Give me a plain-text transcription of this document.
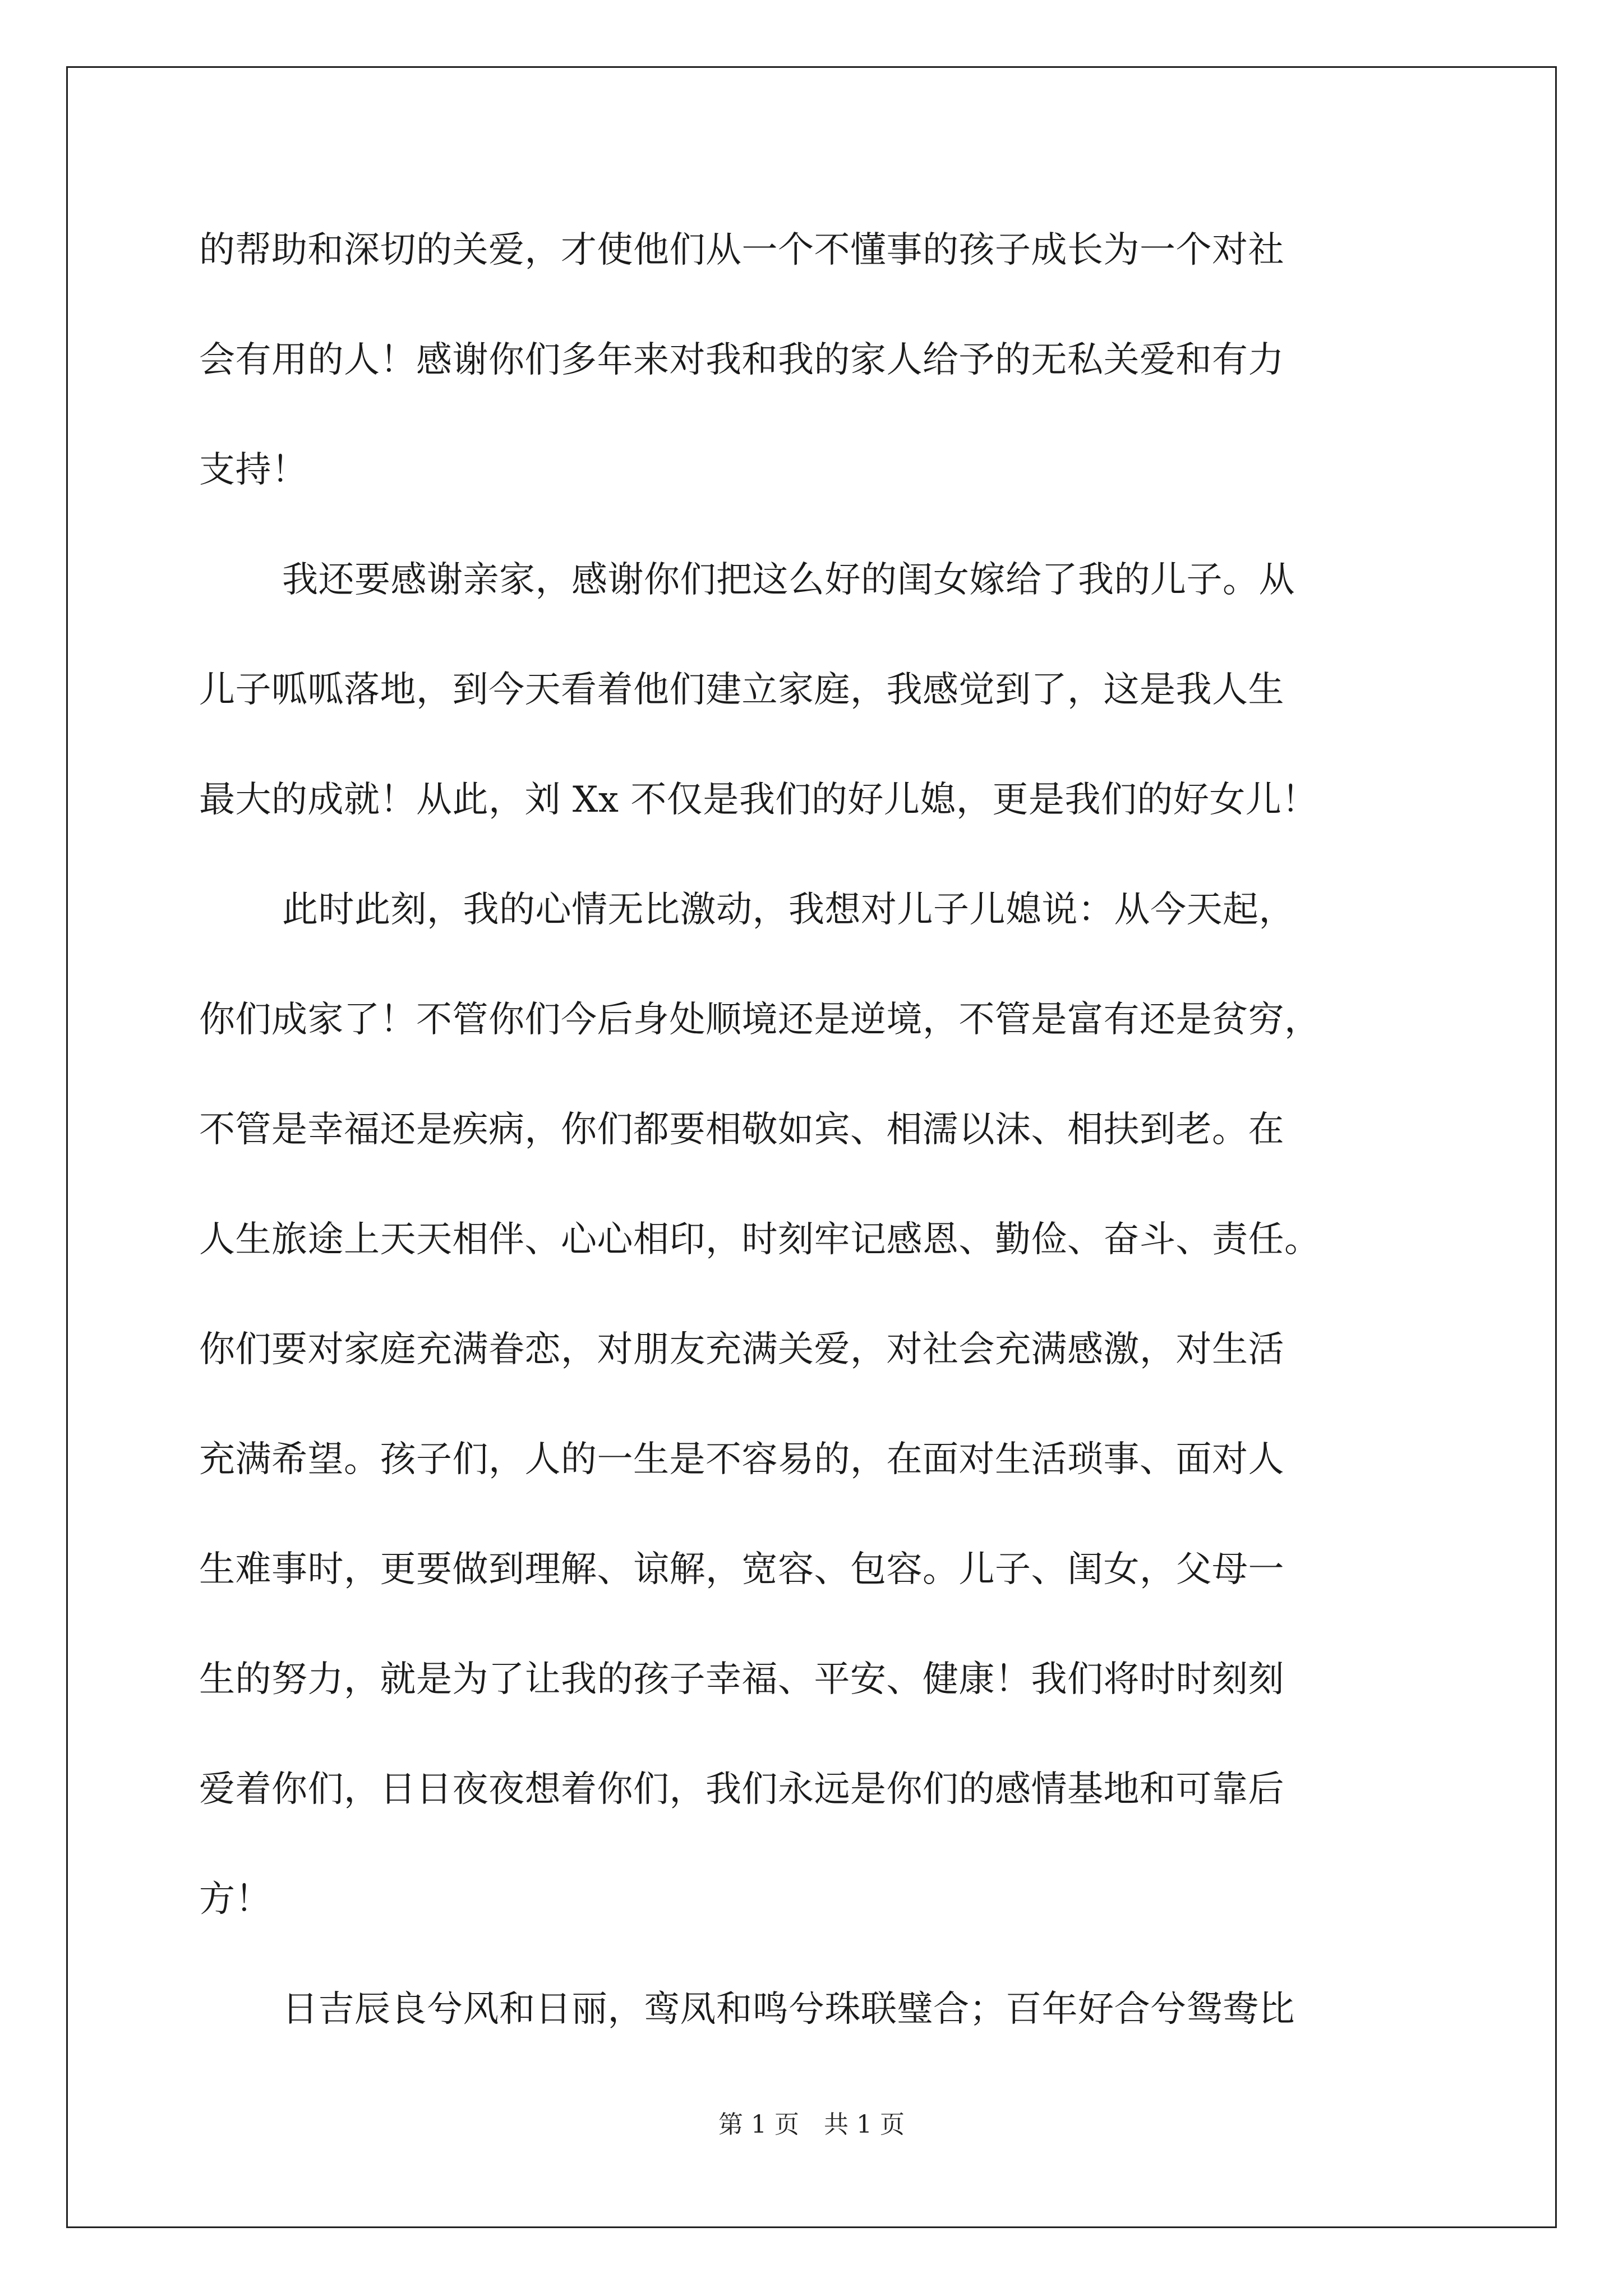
的帮助和深切的关爱，才使他们从一个不懂事的孩子成长为一个对社
会有用的人！感谢你们多年来对我和我的家人给予的无私关爱和有力
支持！
我还要感谢亲家，感谢你们把这么好的闺女嫁给了我的儿子。从
儿子呱呱落地，到今天看着他们建立家庭，我感觉到了，这是我人生
最大的成就！从此，刘 Xx 不仅是我们的好儿媳，更是我们的好女儿！
此时此刻，我的心情无比激动，我想对儿子儿媳说：从今天起，
你们成家了！不管你们今后身处顺境还是逆境，不管是富有还是贫穷，
不管是幸福还是疾病，你们都要相敬如宾、相濡以沫、相扶到老。在
人生旅途上天天相伴、心心相印，时刻牢记感恩、勤俭、奋斗、责任。
你们要对家庭充满眷恋，对朋友充满关爱，对社会充满感激，对生活
充满希望。孩子们，人的一生是不容易的，在面对生活琐事、面对人
生难事时，更要做到理解、谅解，宽容、包容。儿子、闺女，父母一
生的努力，就是为了让我的孩子幸福、平安、健康！我们将时时刻刻
爱着你们，日日夜夜想着你们，我们永远是你们的感情基地和可靠后
方！
日吉辰良兮风和日丽，鸾凤和鸣兮珠联璧合；百年好合兮鸳鸯比
第 1 页　共 1 页
